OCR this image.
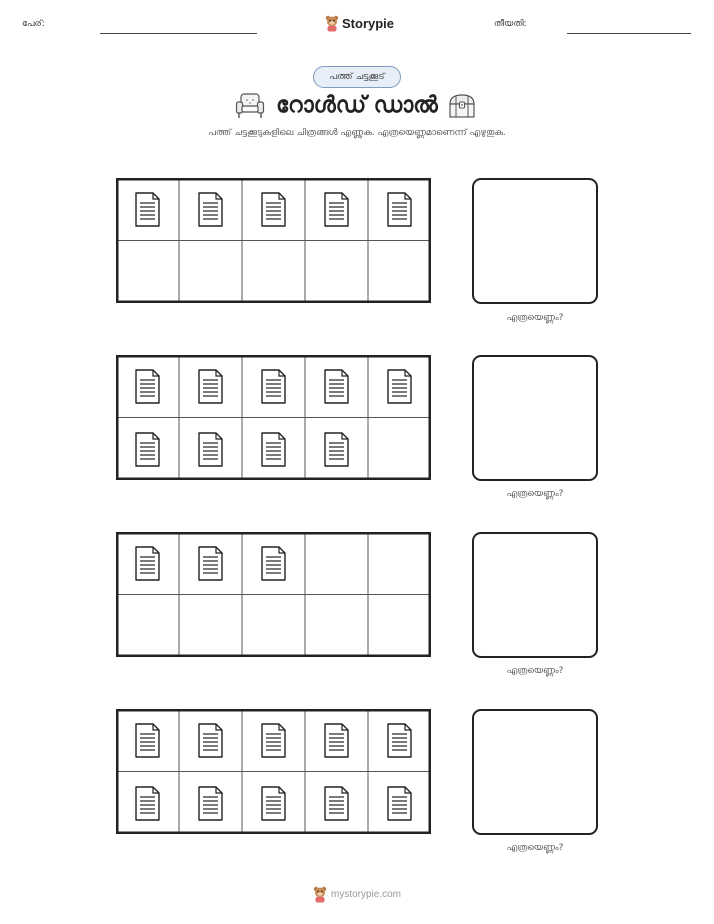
പേര്:	Storypie	തീയതി:
പത്ത് ചട്ടക്കൂട്
റോൾഡ് ഡാൽ
പത്ത് ചട്ടക്കൂടുകളിലെ ചിത്രങ്ങൾ എണ്ണുക. എത്രയെണ്ണമാണെന്ന് എഴുതുക.
എത്രയെണ്ണം?
എത്രയെണ്ണം?
എത്രയെണ്ണം?
എത്രയെണ്ണം?
mystorypie.com
